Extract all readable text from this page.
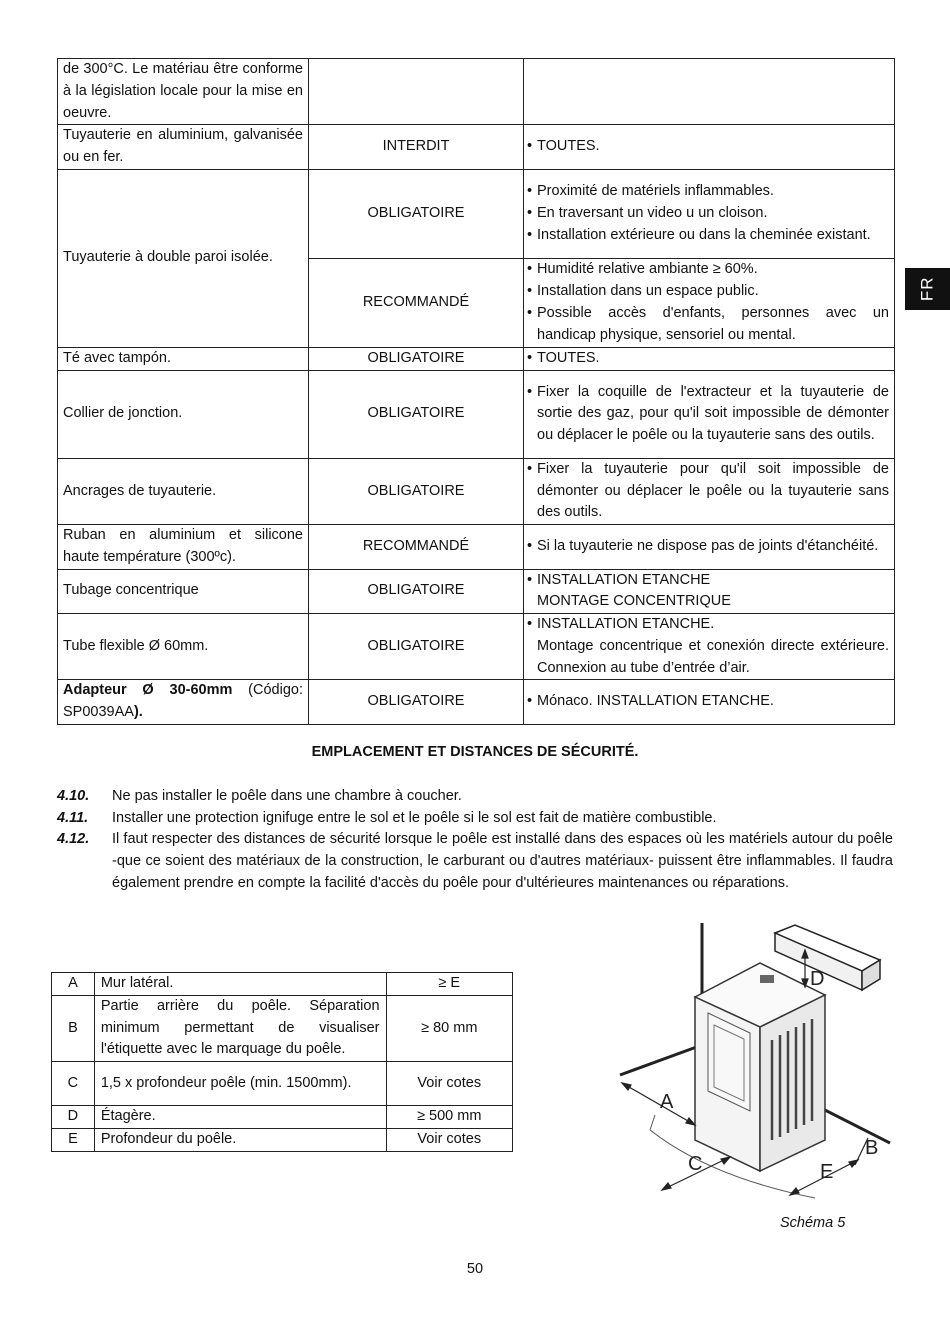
FR
de 300°C. Le matériau être conforme à la législation locale pour la mise en oeuvre.		
Tuyauterie en aluminium, galvanisée ou en fer.	INTERDIT	• TOUTES.

Tuyauterie à double paroi isolée.	OBLIGATOIRE	• Proximité de matériels inflammables.
• En traversant un video u un cloison.
• Installation extérieure ou dans la cheminée existant.

	RECOMMANDÉ	• Humidité relative ambiante ≥ 60%.
• Installation dans un espace public.
• Possible accès d'enfants, personnes avec un handicap physique, sensoriel ou mental.

Té avec tampón.	OBLIGATOIRE	• TOUTES.

Collier de jonction.	OBLIGATOIRE	• Fixer la coquille de l'extracteur et la tuyauterie de sortie des gaz, pour qu'il soit impossible de démonter ou déplacer le poêle ou la tuyauterie sans des outils.

Ancrages de tuyauterie.	OBLIGATOIRE	• Fixer la tuyauterie pour qu'il soit impossible de démonter ou déplacer le poêle ou la tuyauterie sans des outils.

Ruban en aluminium et silicone haute température (300ºc).	RECOMMANDÉ	• Si la tuyauterie ne dispose pas de joints d'étanchéité.

Tubage concentrique	OBLIGATOIRE	• INSTALLATION ETANCHE
MONTAGE CONCENTRIQUE

Tube flexible Ø 60mm.	OBLIGATOIRE	• INSTALLATION ETANCHE.
Montage concentrique et conexión directe extérieure. Connexion au tube d’entrée d’air.

Adapteur Ø 30-60mm (Código: SP0039AA).	OBLIGATOIRE	• Mónaco. INSTALLATION ETANCHE.
EMPLACEMENT ET DISTANCES DE SÉCURITÉ.
4.10. Ne pas installer le poêle dans une chambre à coucher.
4.11. Installer une protection ignifuge entre le sol et le poêle si le sol est fait de matière combustible.
4.12. Il faut respecter des distances de sécurité lorsque le poêle est installé dans des espaces où les matériels autour du poêle -que ce soient des matériaux de la construction, le carburant ou d'autres matériaux- puissent être inflammables. Il faudra également prendre en compte la facilité d'accès du poêle pour d'ultérieures maintenances ou réparations.
A	Mur latéral.	≥ E
B	Partie arrière du poêle. Séparation minimum permettant de visualiser l'étiquette avec le marquage du poêle.	≥ 80 mm
C	1,5 x profondeur poêle (min. 1500mm).	Voir cotes
D	Étagère.	≥ 500 mm
E	Profondeur du poêle.	Voir cotes
A
B
C
D
E
Schéma 5
50
